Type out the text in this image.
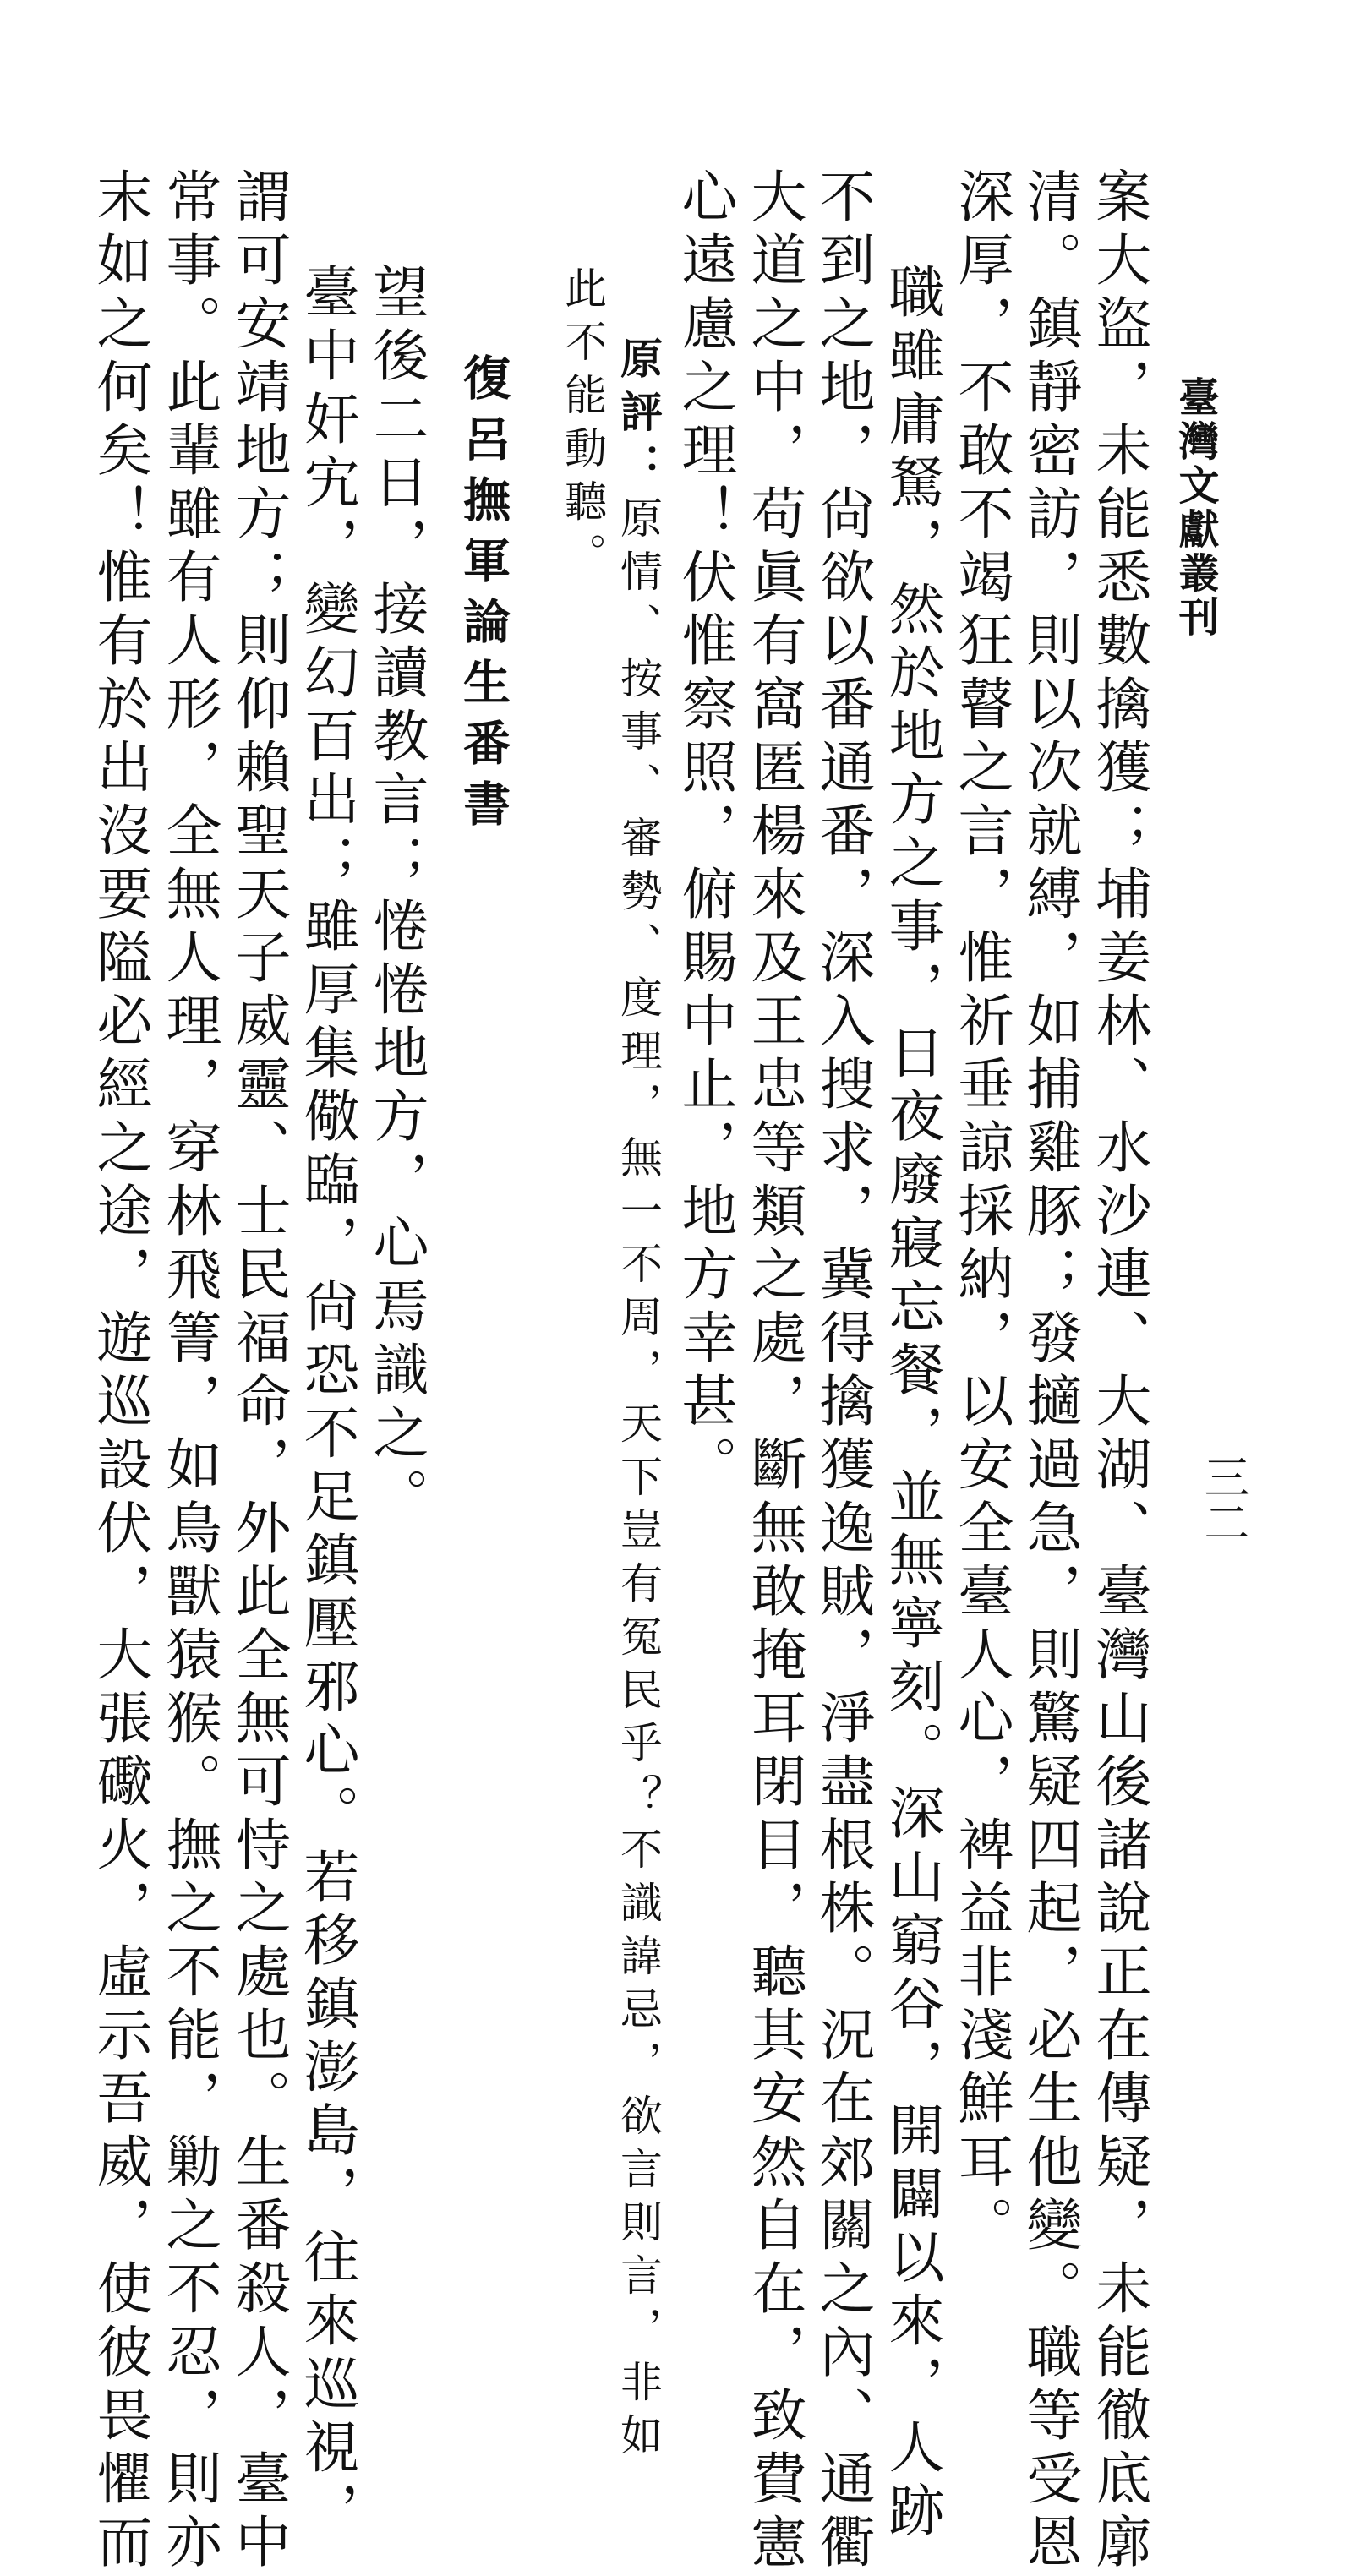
臺灣文獻叢刊
三二
案大盜，未能悉數擒獲；埔姜林、水沙連、大湖、臺灣山後諸說正在傳疑，未能徹底廓
清。鎮靜密訪，則以次就縛，如捕雞豚；發擿過急，則驚疑四起，必生他變。職等受恩
深厚，不敢不竭狂瞽之言，惟祈垂諒採納，以安全臺人心，裨益非淺鮮耳。
職雖庸駑，然於地方之事，日夜廢寢忘餐，並無寧刻。深山窮谷，開闢以來，人跡
不到之地，尙欲以番通番，深入搜求，冀得擒獲逸賊，淨盡根株。況在郊關之內、通衢
大道之中，苟眞有窩匿楊來及王忠等類之處，斷無敢掩耳閉目，聽其安然自在，致費憲
心遠慮之理！伏惟察照，俯賜中止，地方幸甚。
原評：原情、按事、審勢、度理，無一不周，天下豈有冤民乎？不識諱忌，欲言則言，非如
此不能動聽。
復呂撫軍論生番書
望後二日，接讀教言；惓惓地方，心焉識之。
臺中奸宄，變幻百出；雖厚集儆臨，尙恐不足鎮壓邪心。若移鎮澎島，往來巡視，
謂可安靖地方；則仰賴聖天子威靈、士民福命，外此全無可恃之處也。生番殺人，臺中
常事。此輩雖有人形，全無人理，穿林飛箐，如鳥獸猿猴。撫之不能，勦之不忍，則亦
末如之何矣！惟有於出沒要隘必經之途，遊巡設伏，大張礮火，虛示吾威，使彼畏懼而
